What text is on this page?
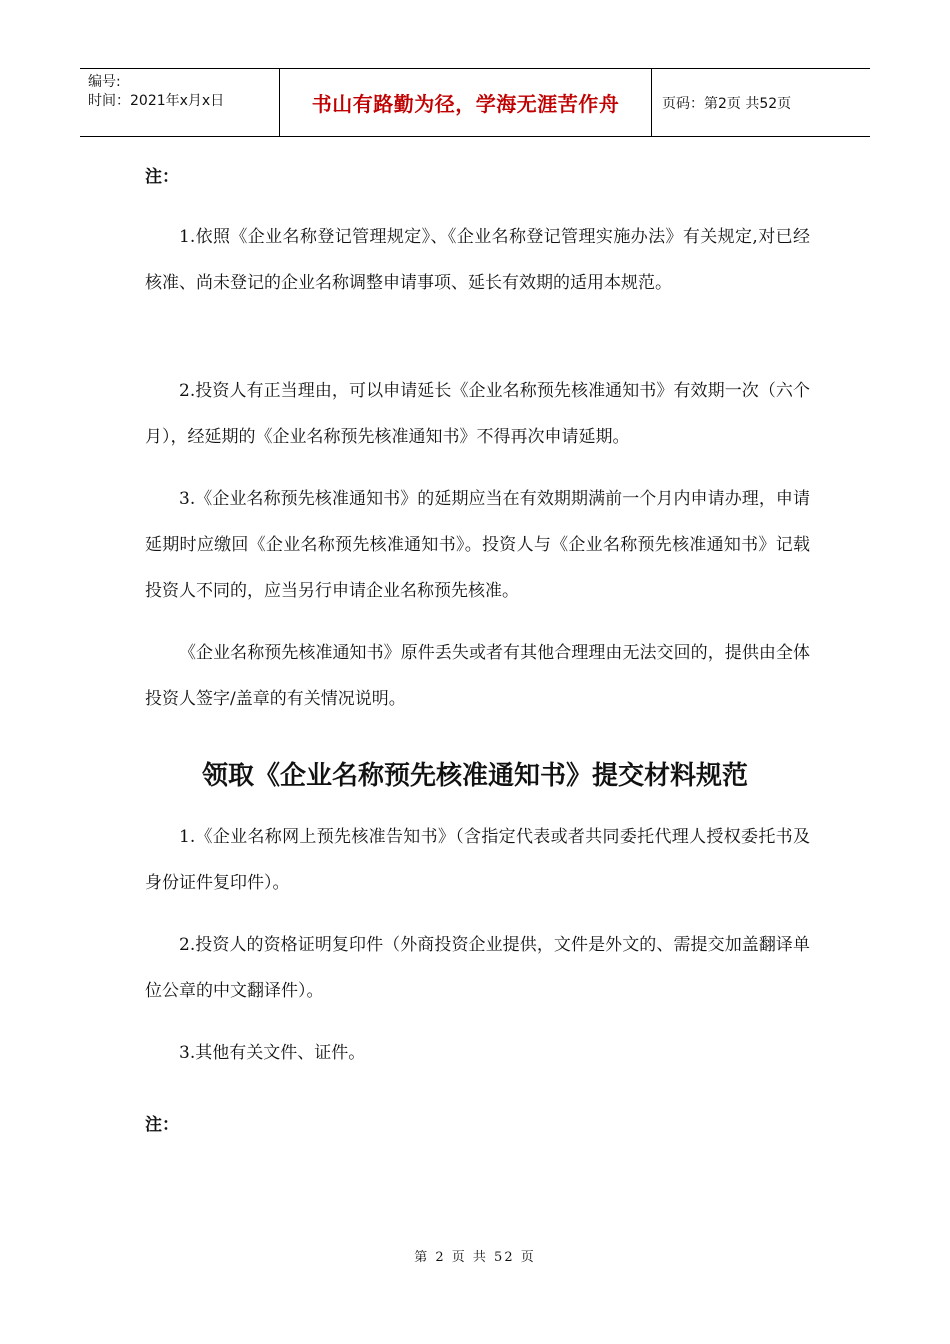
编号:
时间：2021年x月x日	书山有路勤为径，学海无涯苦作舟	页码：第2页 共52页
注：

1.依照《企业名称登记管理规定》、《企业名称登记管理实施办法》有关规定,对已经核准、尚未登记的企业名称调整申请事项、延长有效期的适用本规范。

2.投资人有正当理由，可以申请延长《企业名称预先核准通知书》有效期一次（六个月），经延期的《企业名称预先核准通知书》不得再次申请延期。

3.《企业名称预先核准通知书》的延期应当在有效期期满前一个月内申请办理，申请延期时应缴回《企业名称预先核准通知书》。投资人与《企业名称预先核准通知书》记载投资人不同的，应当另行申请企业名称预先核准。

《企业名称预先核准通知书》原件丢失或者有其他合理理由无法交回的，提供由全体投资人签字/盖章的有关情况说明。

领取《企业名称预先核准通知书》提交材料规范

1.《企业名称网上预先核准告知书》（含指定代表或者共同委托代理人授权委托书及身份证件复印件）。

2.投资人的资格证明复印件（外商投资企业提供，文件是外文的、需提交加盖翻译单位公章的中文翻译件）。

3.其他有关文件、证件。

注：
第 2 页 共 52 页
